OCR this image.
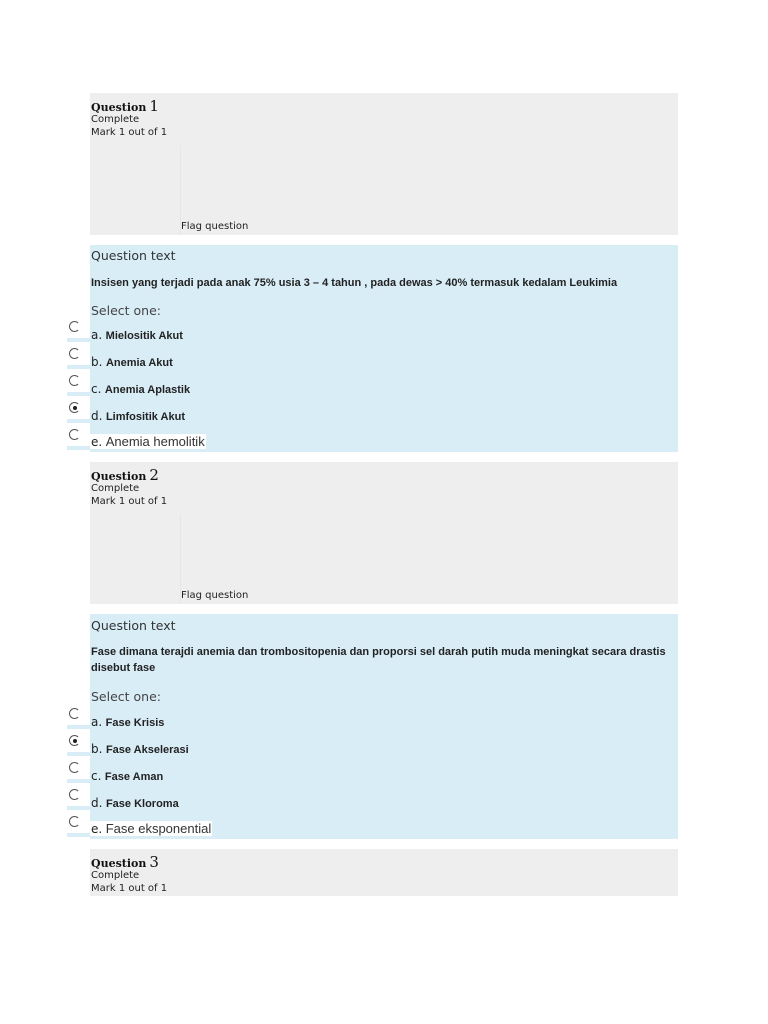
Question 1
Complete
Mark 1 out of 1
Flag question
Question text
Insisen yang terjadi pada anak 75% usia 3 – 4 tahun , pada dewas > 40% termasuk kedalam Leukimia
Select one:
a. Mielositik Akut
b. Anemia Akut
c. Anemia Aplastik
d. Limfositik Akut
e. Anemia hemolitik
Question 2
Complete
Mark 1 out of 1
Flag question
Question text
Fase dimana terajdi anemia dan trombositopenia dan proporsi sel darah putih muda meningkat secara drastis disebut fase
Select one:
a. Fase Krisis
b. Fase Akselerasi
c. Fase Aman
d. Fase Kloroma
e. Fase eksponential
Question 3
Complete
Mark 1 out of 1
